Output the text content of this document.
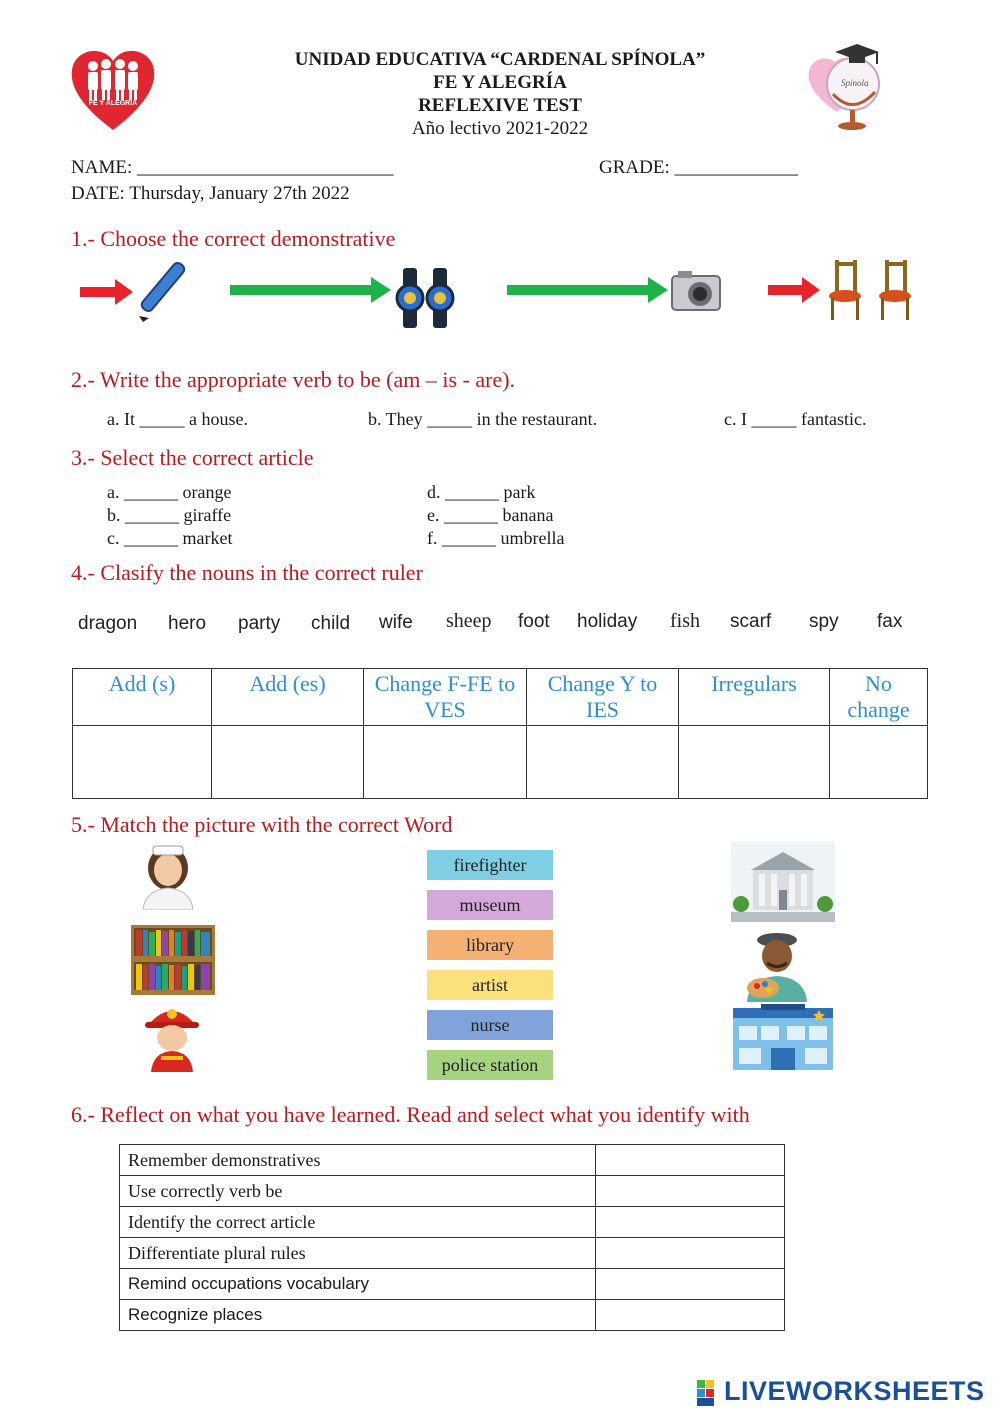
FE Y ALEGRIA
UNIDAD EDUCATIVA “CARDENAL SPÍNOLA”
FE Y ALEGRÍA
REFLEXIVE TEST
Año lectivo 2021-2022
Spínola
NAME: ___________________________	GRADE: _____________
DATE: Thursday, January 27th 2022
1.- Choose the correct demonstrative
2.- Write the appropriate verb to be (am – is - are).
a. It _____ a house.	b. They _____ in the restaurant.	c. I _____ fantastic.
3.- Select the correct article
a. ______ orange
b. ______ giraffe
c. ______ market
d. ______ park
e. ______ banana
f. ______ umbrella
4.- Clasify the nouns in the correct ruler
dragon hero party child wife sheep foot holiday fish scarf spy fax
Add (s)	Add (es)	Change F-FE to VES	Change Y to IES	Irregulars	No change

5.- Match the picture with the correct Word
firefighter
museum
library
artist
nurse
police station
6.- Reflect on what you have learned. Read and select what you identify with
Remember demonstratives	
Use correctly verb be	
Identify the correct article	
Differentiate plural rules	
Remind occupations vocabulary	
Recognize places	
LIVEWORKSHEETS
